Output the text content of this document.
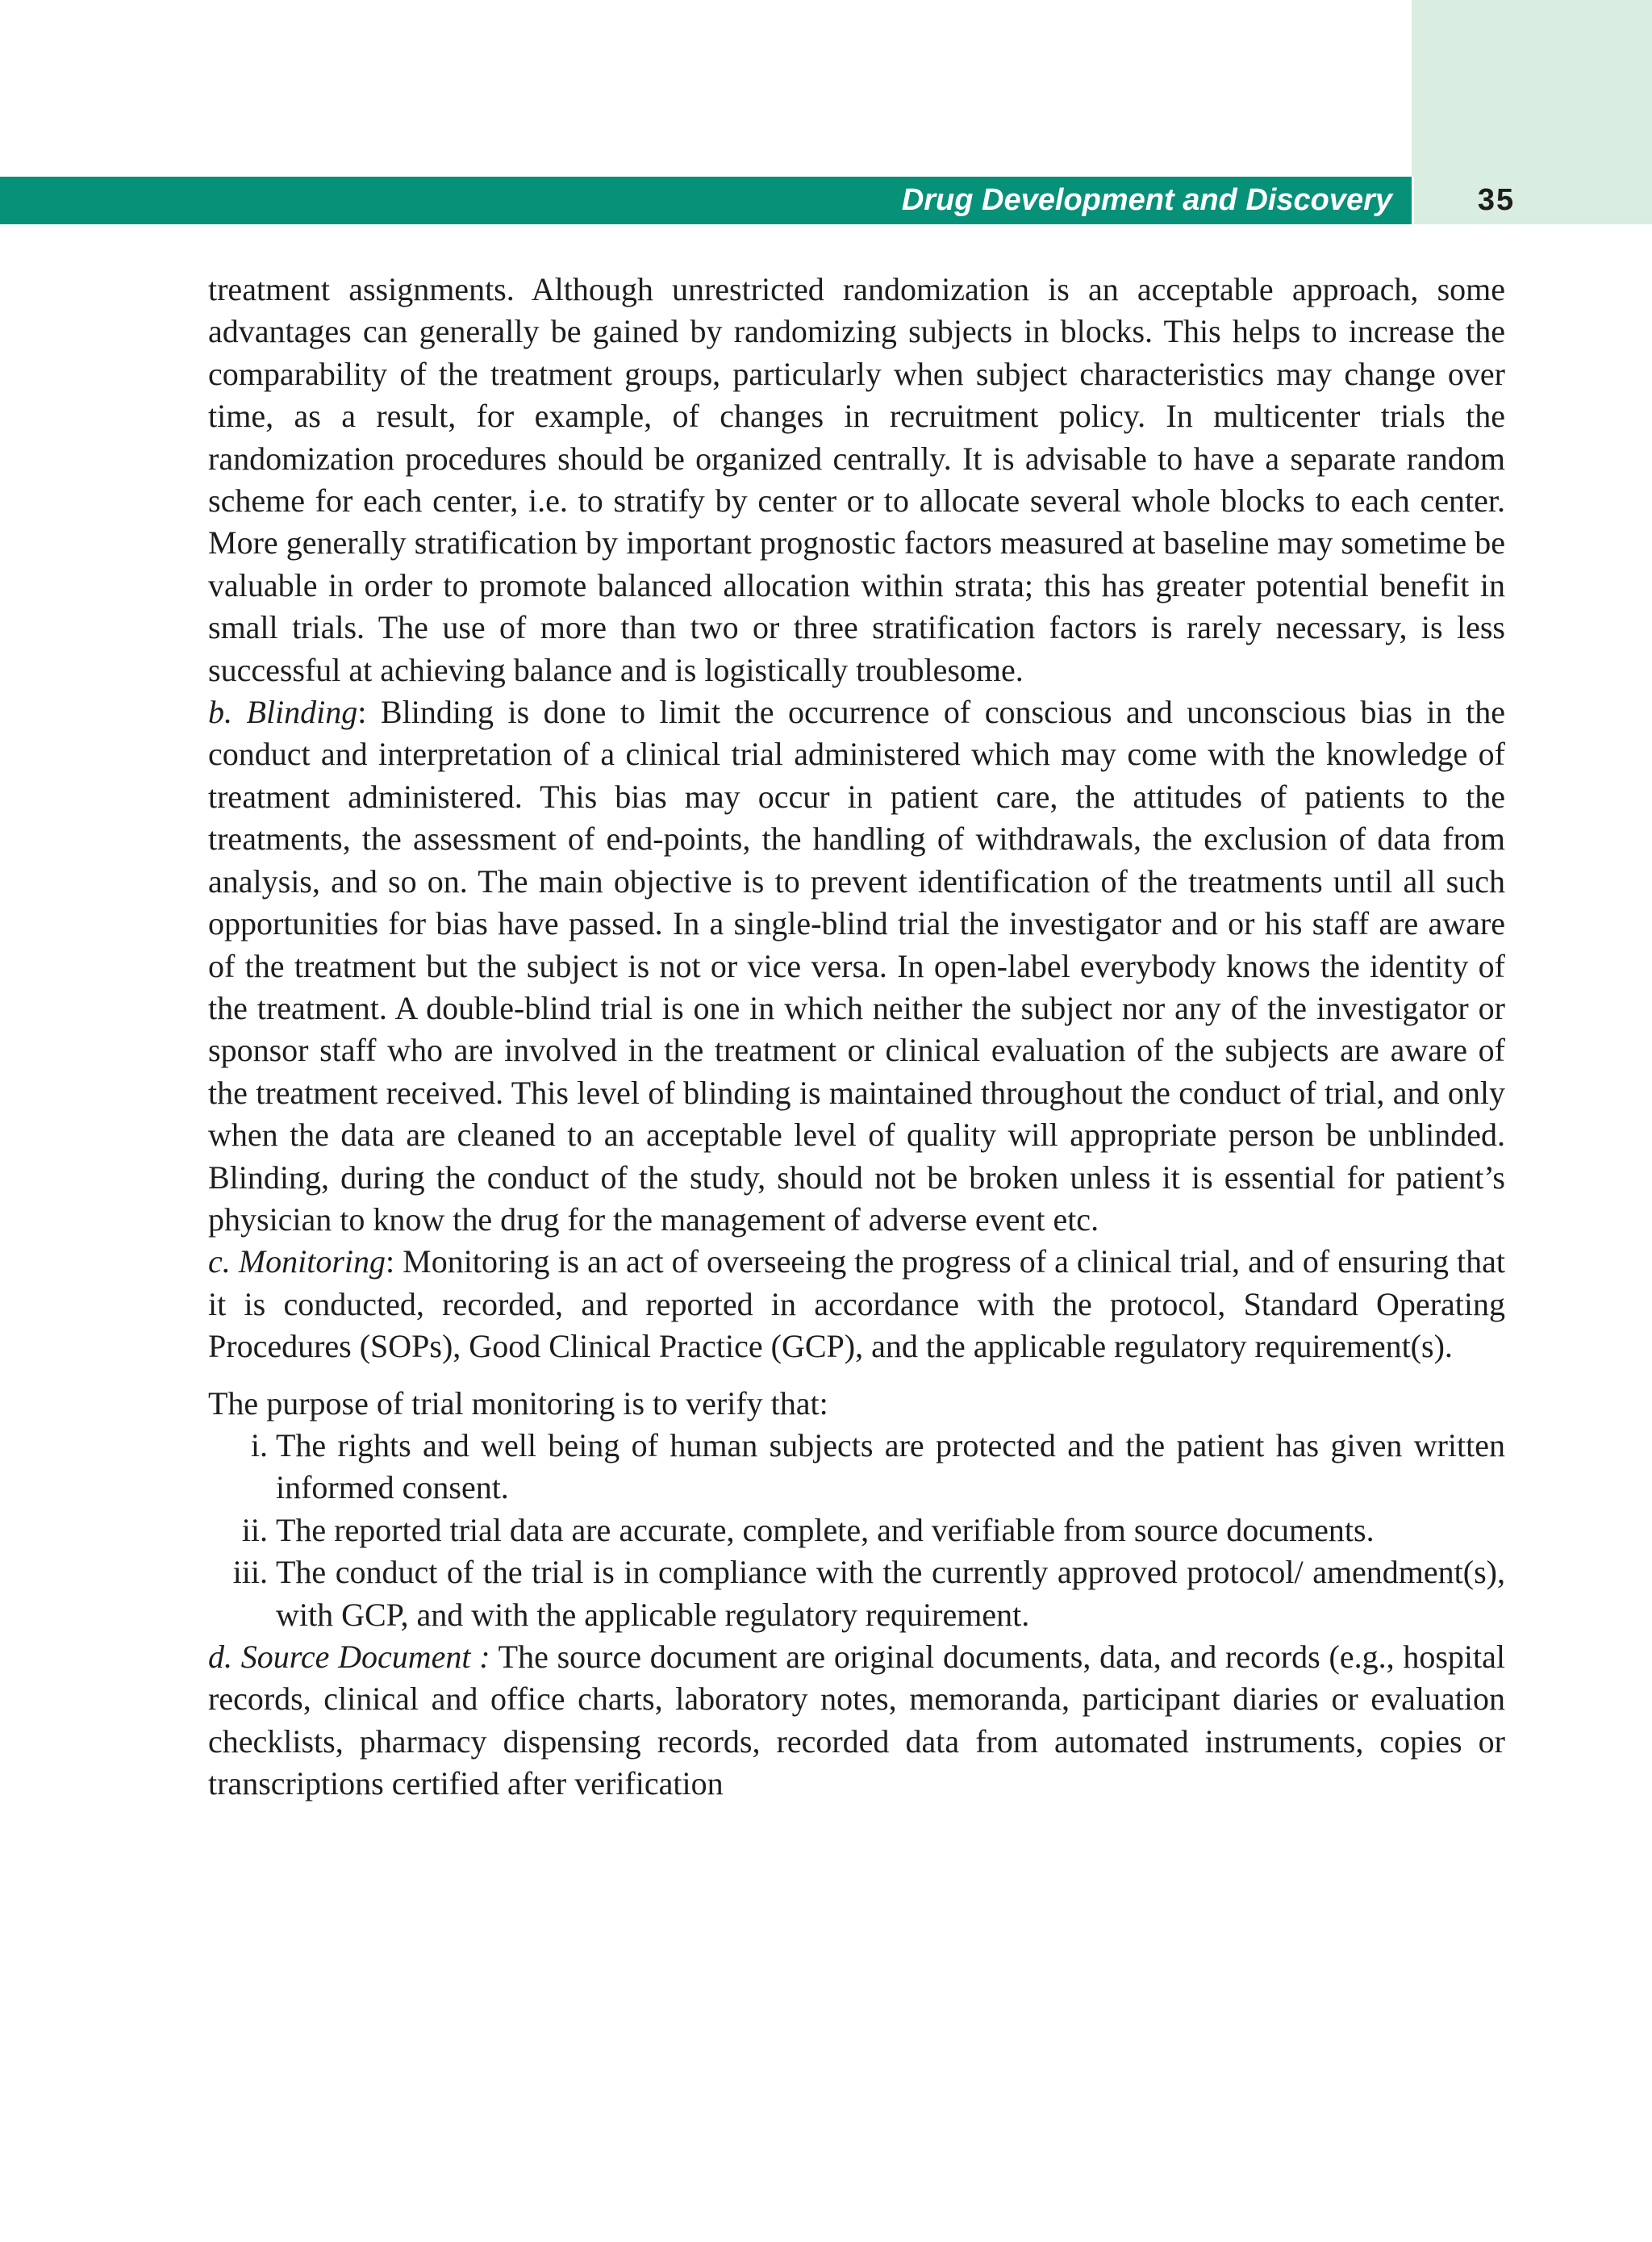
Drug Development and Discovery	35

treatment assignments. Although unrestricted randomization is an acceptable approach, some advantages can generally be gained by randomizing subjects in blocks. This helps to increase the comparability of the treatment groups, particularly when subject characteristics may change over time, as a result, for example, of changes in recruitment policy. In multicenter trials the randomization procedures should be organized centrally. It is advisable to have a separate random scheme for each center, i.e. to stratify by center or to allocate several whole blocks to each center. More generally stratification by important prognostic factors measured at baseline may sometime be valuable in order to promote balanced allocation within strata; this has greater potential benefit in small trials. The use of more than two or three stratification factors is rarely necessary, is less successful at achieving balance and is logistically troublesome.

b. Blinding: Blinding is done to limit the occurrence of conscious and unconscious bias in the conduct and interpretation of a clinical trial administered which may come with the knowledge of treatment administered. This bias may occur in patient care, the attitudes of patients to the treatments, the assessment of end-points, the handling of withdrawals, the exclusion of data from analysis, and so on. The main objective is to prevent identification of the treatments until all such opportunities for bias have passed. In a single-blind trial the investigator and or his staff are aware of the treatment but the subject is not or vice versa. In open-label everybody knows the identity of the treatment. A double-blind trial is one in which neither the subject nor any of the investigator or sponsor staff who are involved in the treatment or clinical evaluation of the subjects are aware of the treatment received. This level of blinding is maintained throughout the conduct of trial, and only when the data are cleaned to an acceptable level of quality will appropriate person be unblinded. Blinding, during the conduct of the study, should not be broken unless it is essential for patient’s physician to know the drug for the management of adverse event etc.

c. Monitoring: Monitoring is an act of overseeing the progress of a clinical trial, and of ensuring that it is conducted, recorded, and reported in accordance with the protocol, Standard Operating Procedures (SOPs), Good Clinical Practice (GCP), and the applicable regulatory requirement(s).

The purpose of trial monitoring is to verify that:

i. The rights and well being of human subjects are protected and the patient has given written informed consent.
ii. The reported trial data are accurate, complete, and verifiable from source documents.
iii. The conduct of the trial is in compliance with the currently approved protocol/ amendment(s), with GCP, and with the applicable regulatory requirement.

d. Source Document : The source document are original documents, data, and records (e.g., hospital records, clinical and office charts, laboratory notes, memoranda, participant diaries or evaluation checklists, pharmacy dispensing records, recorded data from automated instruments, copies or transcriptions certified after verification
